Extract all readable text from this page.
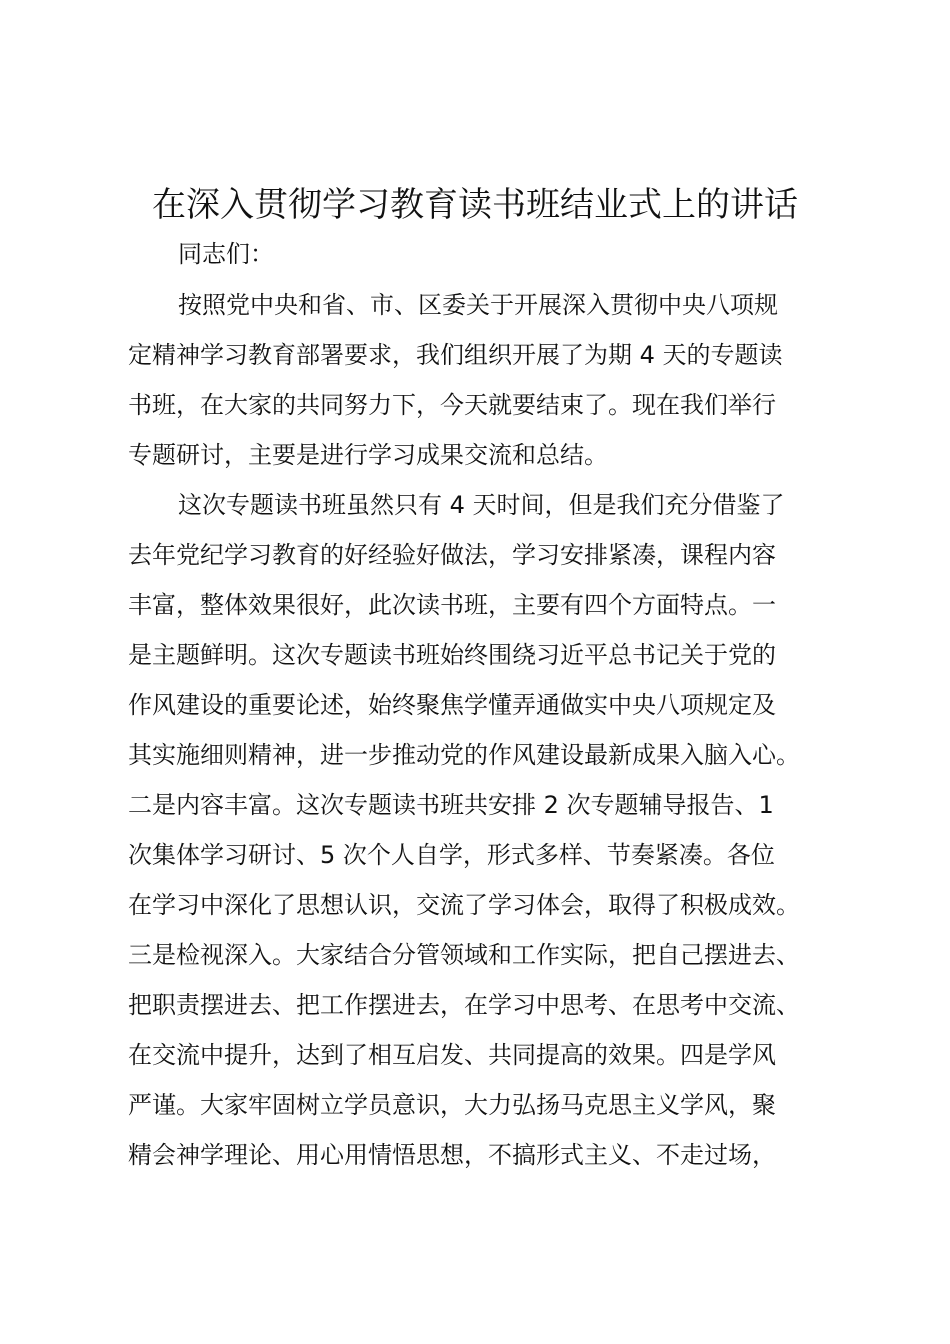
在深入贯彻学习教育读书班结业式上的讲话

同志们：

按照党中央和省、市、区委关于开展深入贯彻中央八项规

定精神学习教育部署要求，我们组织开展了为期 4 天的专题读

书班，在大家的共同努力下，今天就要结束了。现在我们举行

专题研讨，主要是进行学习成果交流和总结。

这次专题读书班虽然只有 4 天时间，但是我们充分借鉴了

去年党纪学习教育的好经验好做法，学习安排紧凑，课程内容

丰富，整体效果很好，此次读书班，主要有四个方面特点。一

是主题鲜明。这次专题读书班始终围绕习近平总书记关于党的

作风建设的重要论述，始终聚焦学懂弄通做实中央八项规定及

其实施细则精神，进一步推动党的作风建设最新成果入脑入心。

二是内容丰富。这次专题读书班共安排 2 次专题辅导报告、1

次集体学习研讨、5 次个人自学，形式多样、节奏紧凑。各位

在学习中深化了思想认识，交流了学习体会，取得了积极成效。

三是检视深入。大家结合分管领域和工作实际，把自己摆进去、

把职责摆进去、把工作摆进去，在学习中思考、在思考中交流、

在交流中提升，达到了相互启发、共同提高的效果。四是学风

严谨。大家牢固树立学员意识，大力弘扬马克思主义学风，聚

精会神学理论、用心用情悟思想，不搞形式主义、不走过场，
